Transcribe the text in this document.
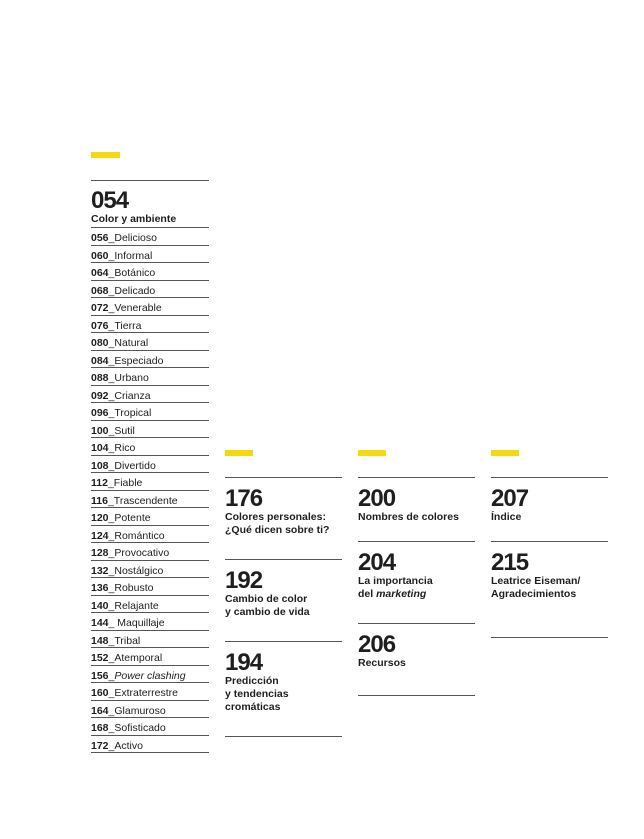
054
Color y ambiente
056_Delicioso
060_Informal
064_Botánico
068_Delicado
072_Venerable
076_Tierra
080_Natural
084_Especiado
088_Urbano
092_Crianza
096_Tropical
100_Sutil
104_Rico
108_Divertido
112_Fiable
116_Trascendente
120_Potente
124_Romántico
128_Provocativo
132_Nostálgico
136_Robusto
140_Relajante
144_ Maquillaje
148_Tribal
152_Atemporal
156_Power clashing
160_Extraterrestre
164_Glamuroso
168_Sofisticado
172_Activo
176
Colores personales:
¿Qué dicen sobre ti?
192
Cambio de color
y cambio de vida
194
Predicción
y tendencias
cromáticas
200
Nombres de colores
204
La importancia
del marketing
206
Recursos
207
Índice
215
Leatrice Eiseman/
Agradecimientos
